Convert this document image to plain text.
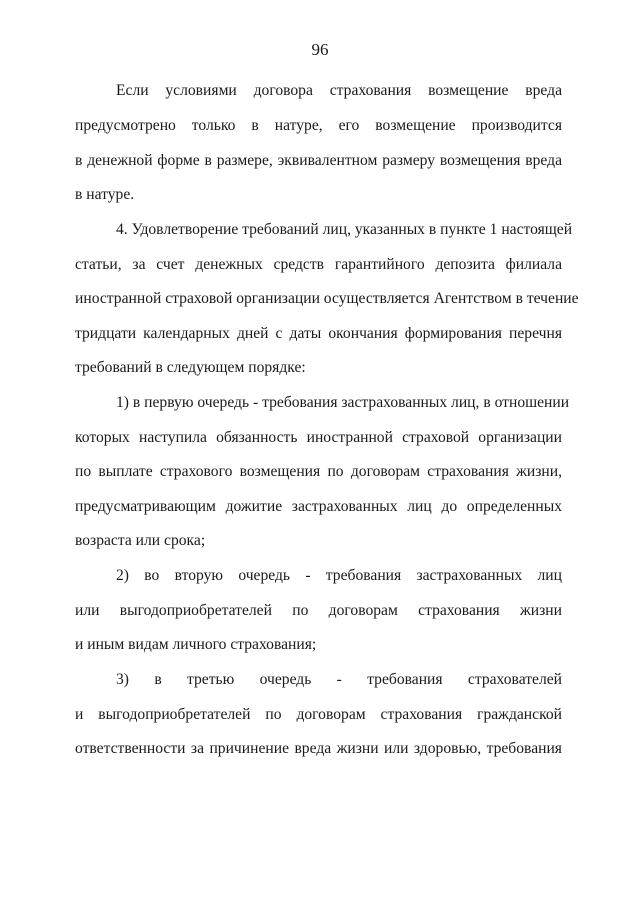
96
Если условиями договора страхования возмещение вреда
предусмотрено только в натуре, его возмещение производится
в денежной форме в размере, эквивалентном размеру возмещения вреда
в натуре.
4. Удовлетворение требований лиц, указанных в пункте 1 настоящей
статьи, за счет денежных средств гарантийного депозита филиала
иностранной страховой организации осуществляется Агентством в течение
тридцати календарных дней с даты окончания формирования перечня
требований в следующем порядке:
1) в первую очередь - требования застрахованных лиц, в отношении
которых наступила обязанность иностранной страховой организации
по выплате страхового возмещения по договорам страхования жизни,
предусматривающим дожитие застрахованных лиц до определенных
возраста или срока;
2) во вторую очередь - требования застрахованных лиц
или выгодоприобретателей по договорам страхования жизни
и иным видам личного страхования;
3) в третью очередь - требования страхователей
и выгодоприобретателей по договорам страхования гражданской
ответственности за причинение вреда жизни или здоровью, требования
